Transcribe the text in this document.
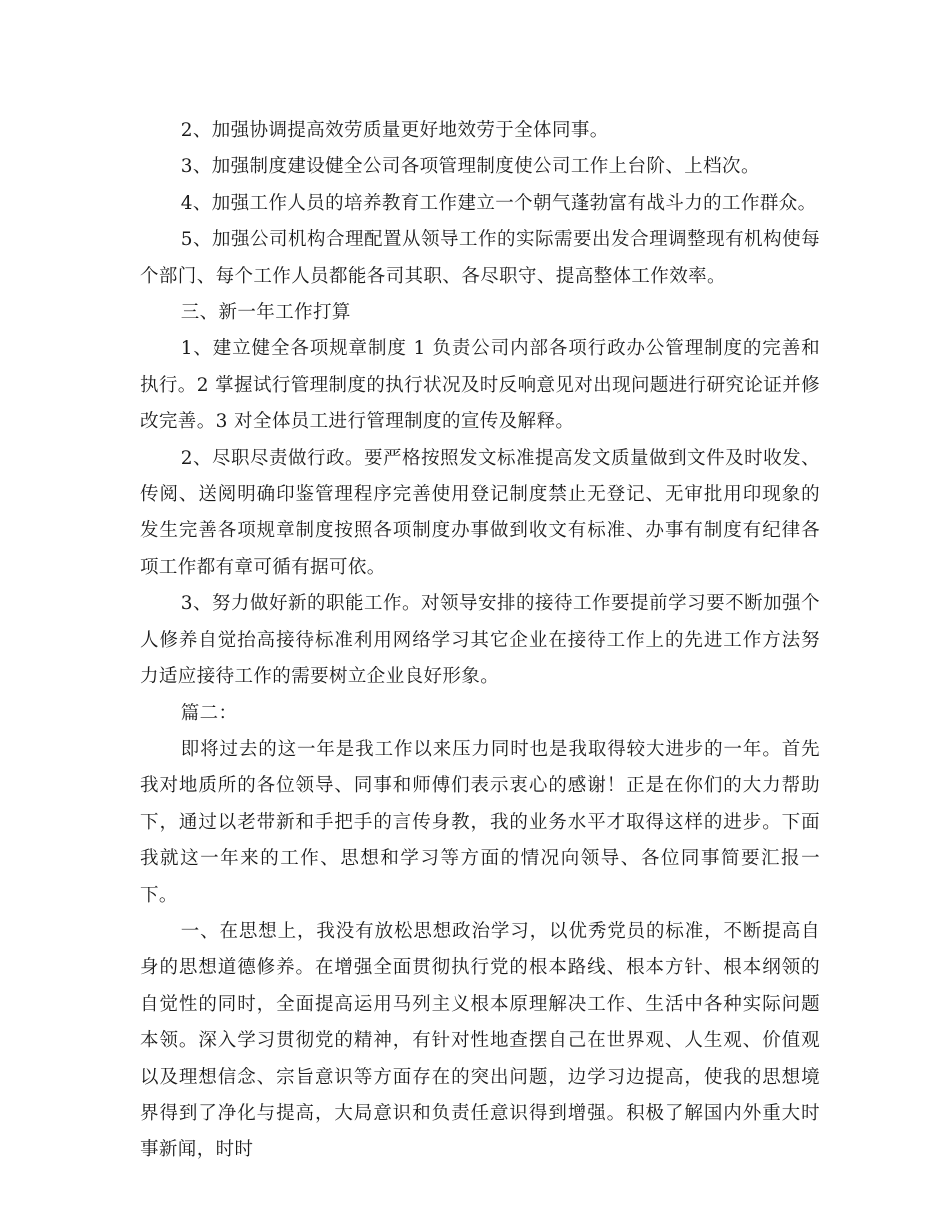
2、加强协调提高效劳质量更好地效劳于全体同事。

3、加强制度建设健全公司各项管理制度使公司工作上台阶、上档次。

4、加强工作人员的培养教育工作建立一个朝气蓬勃富有战斗力的工作群众。

5、加强公司机构合理配置从领导工作的实际需要出发合理调整现有机构使每个部门、每个工作人员都能各司其职、各尽职守、提高整体工作效率。

三、新一年工作打算

1、建立健全各项规章制度 1 负责公司内部各项行政办公管理制度的完善和执行。2 掌握试行管理制度的执行状况及时反响意见对出现问题进行研究论证并修改完善。3 对全体员工进行管理制度的宣传及解释。

2、尽职尽责做行政。要严格按照发文标准提高发文质量做到文件及时收发、传阅、送阅明确印鉴管理程序完善使用登记制度禁止无登记、无审批用印现象的发生完善各项规章制度按照各项制度办事做到收文有标准、办事有制度有纪律各项工作都有章可循有据可依。

3、努力做好新的职能工作。对领导安排的接待工作要提前学习要不断加强个人修养自觉抬高接待标准利用网络学习其它企业在接待工作上的先进工作方法努力适应接待工作的需要树立企业良好形象。

篇二：

即将过去的这一年是我工作以来压力同时也是我取得较大进步的一年。首先我对地质所的各位领导、同事和师傅们表示衷心的感谢！正是在你们的大力帮助下，通过以老带新和手把手的言传身教，我的业务水平才取得这样的进步。下面我就这一年来的工作、思想和学习等方面的情况向领导、各位同事简要汇报一下。

一、在思想上，我没有放松思想政治学习，以优秀党员的标准，不断提高自身的思想道德修养。在增强全面贯彻执行党的根本路线、根本方针、根本纲领的自觉性的同时，全面提高运用马列主义根本原理解决工作、生活中各种实际问题本领。深入学习贯彻党的精神，有针对性地查摆自己在世界观、人生观、价值观以及理想信念、宗旨意识等方面存在的突出问题，边学习边提高，使我的思想境界得到了净化与提高，大局意识和负责任意识得到增强。积极了解国内外重大时事新闻，时时
